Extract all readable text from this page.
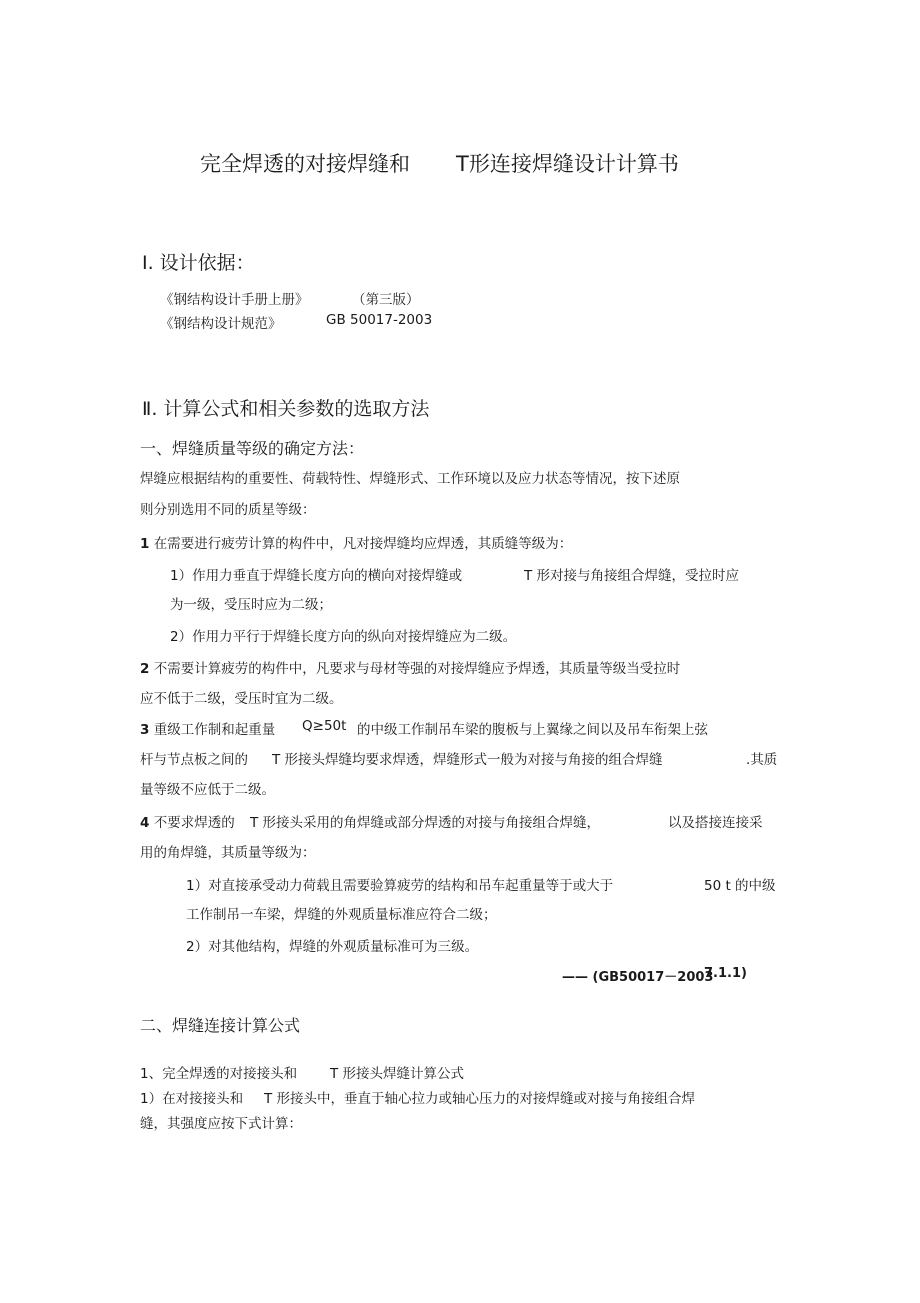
完全焊透的对接焊缝和 T形连接焊缝设计计算书
Ⅰ. 设计依据：
《钢结构设计手册上册》	（第三版）
《钢结构设计规范》	GB 50017-2003
Ⅱ. 计算公式和相关参数的选取方法
一、焊缝质量等级的确定方法：
焊缝应根据结构的重要性、荷载特性、焊缝形式、工作环境以及应力状态等情况，按下述原
则分别选用不同的质星等级：
1 在需要进行疲劳计算的构件中，凡对接焊缝均应焊透，其质缝等级为：
1）作用力垂直于焊缝长度方向的横向对接焊缝或	T 形对接与角接组合焊缝，受拉时应
为一级，受压时应为二级；
2）作用力平行于焊缝长度方向的纵向对接焊缝应为二级。
2 不需要计算疲劳的构件中，凡要求与母材等强的对接焊缝应予焊透，其质量等级当受拉时
应不低于二级，受压时宜为二级。
3 重级工作制和起重量 Q≥50t 的中级工作制吊车梁的腹板与上翼缘之间以及吊车衔架上弦
杆与节点板之间的 T 形接头焊缝均要求焊透，焊缝形式一般为对接与角接的组合焊缝	.其质
量等级不应低于二级。
4 不要求焊透的 T 形接头采用的角焊缝或部分焊透的对接与角接组合焊缝，	以及搭接连接采
用的角焊缝，其质量等级为：
1）对直接承受动力荷载且需要验算疲劳的结构和吊车起重量等于或大于	50 t 的中级
工作制吊一车梁，焊缝的外观质量标准应符合二级；
2）对其他结构，焊缝的外观质量标准可为三级。
—— (GB50017－2003
7.1.1)
二、焊缝连接计算公式
1、完全焊透的对接接头和 T 形接头焊缝计算公式
1）在对接接头和 T 形接头中，垂直于轴心拉力或轴心压力的对接焊缝或对接与角接组合焊
缝，其强度应按下式计算：
